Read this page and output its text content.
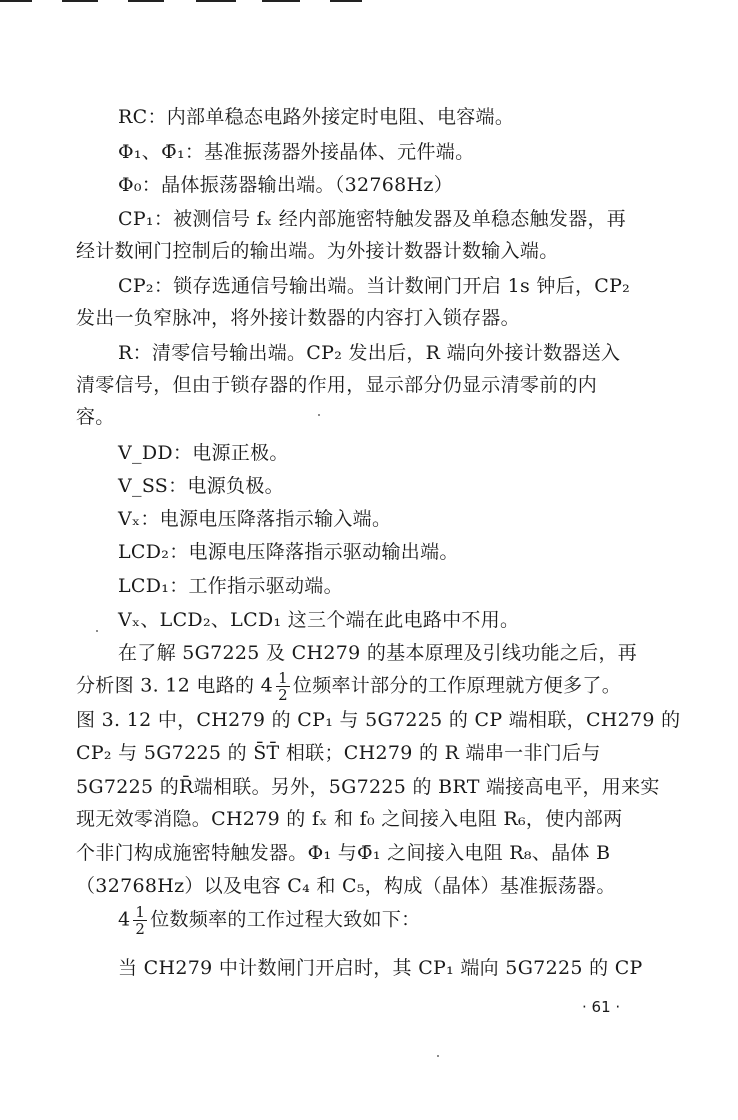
RC：内部单稳态电路外接定时电阻、电容端。
Φ₁、Φ̄₁：基准振荡器外接晶体、元件端。
Φ₀：晶体振荡器输出端。（32768Hz）
CP₁：被测信号 fₓ 经内部施密特触发器及单稳态触发器，再
经计数闸门控制后的输出端。为外接计数器计数输入端。
CP₂：锁存选通信号输出端。当计数闸门开启 1s 钟后，CP₂
发出一负窄脉冲，将外接计数器的内容打入锁存器。
R：清零信号输出端。CP₂ 发出后，R 端向外接计数器送入
清零信号，但由于锁存器的作用，显示部分仍显示清零前的内
容。
V_DD：电源正极。
V_SS：电源负极。
Vₓ：电源电压降落指示输入端。
LCD₂：电源电压降落指示驱动输出端。
LCD₁：工作指示驱动端。
Vₓ、LCD₂、LCD₁ 这三个端在此电路中不用。
在了解 5G7225 及 CH279 的基本原理及引线功能之后，再
分析图 3. 12 电路的 $4 \frac{1}{2}$ 位频率计部分的工作原理就方便多了。
图 3. 12 中，CH279 的 CP₁ 与 5G7225 的 CP 端相联，CH279 的
CP₂ 与 5G7225 的 S̄T̄ 相联；CH279 的 R 端串一非门后与
5G7225 的R̄端相联。另外，5G7225 的 BRT 端接高电平，用来实
现无效零消隐。CH279 的 fₓ 和 f₀ 之间接入电阻 R₆，使内部两
个非门构成施密特触发器。Φ₁ 与Φ̄₁ 之间接入电阻 R₈、晶体 B
（32768Hz）以及电容 C₄ 和 C₅，构成（晶体）基准振荡器。
$4 \frac{1}{2}$ 位数频率的工作过程大致如下：
当 CH279 中计数闸门开启时，其 CP₁ 端向 5G7225 的 CP
· 61 ·
